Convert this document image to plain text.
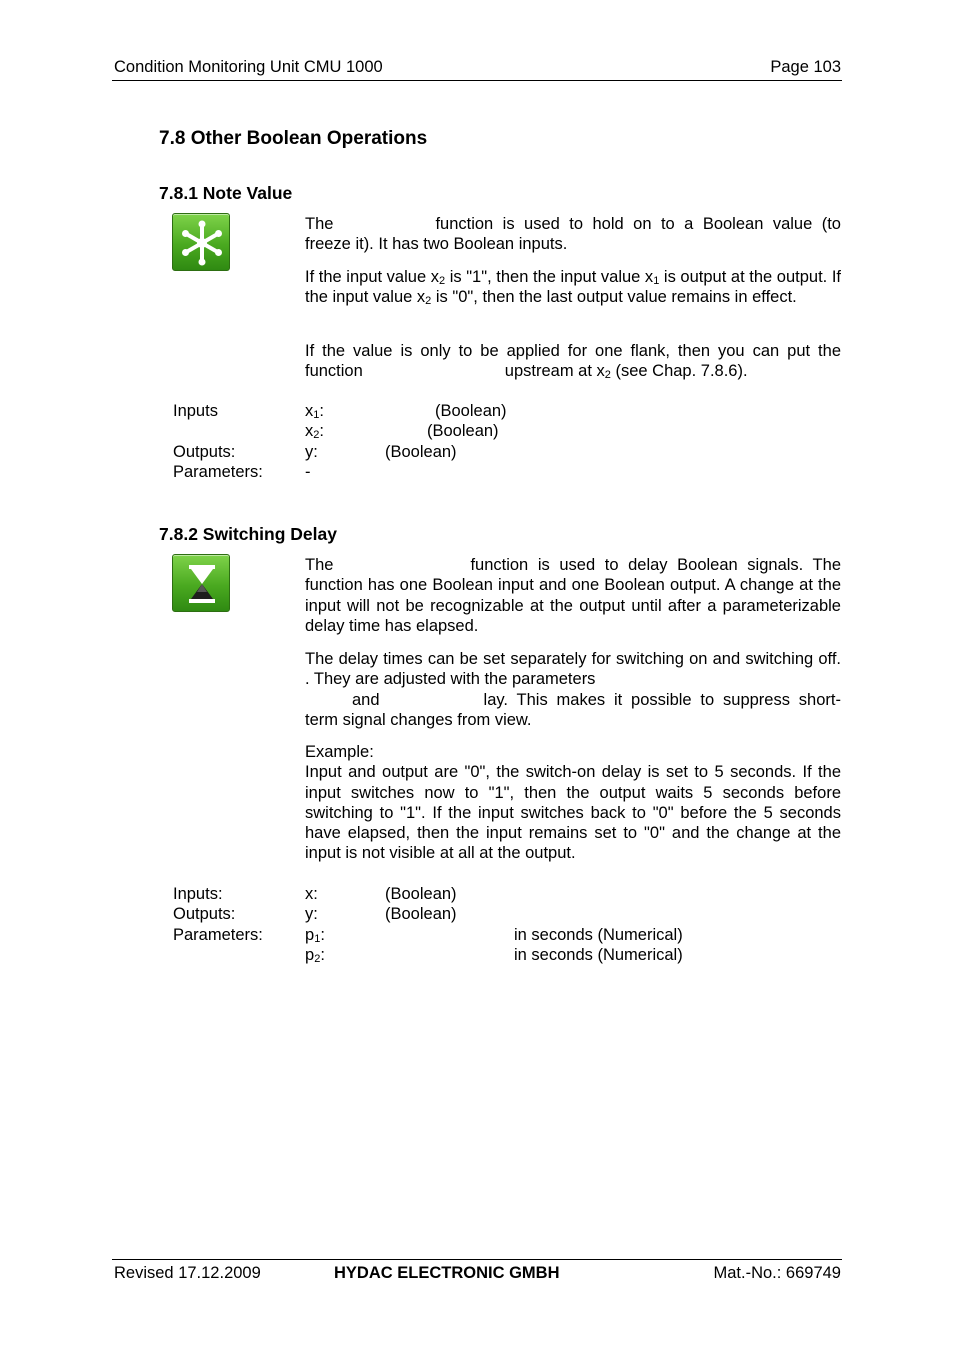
Condition Monitoring Unit CMU 1000	Page 103
7.8 Other Boolean Operations
7.8.1 Note Value

The	function is used to hold on to a Boolean value (to freeze it). It has two Boolean inputs.

If the input value $x_2$ is "1", then the input value $x_1$ is output at the output. If the input value $x_2$ is "0", then the last output value remains in effect.

If the value is only to be applied for one flank, then you can put the function	upstream at $x_2$ (see Chap. 7.8.6).

Inputs	$x_1$:	(Boolean)
$x_2$:	(Boolean)
Outputs:	y:	(Boolean)
Parameters:	-
7.8.2 Switching Delay

The	function is used to delay Boolean signals. The function has one Boolean input and one Boolean output. A change at the input will not be recognizable at the output until after a parameterizable delay time has elapsed.

The delay times can be set separately for switching on and switching off. . They are adjusted with the parameters
and	lay. This makes it possible to suppress short-term signal changes from view.

Example:
Input and output are "0", the switch-on delay is set to 5 seconds. If the input switches now to "1", then the output waits 5 seconds before switching to "1". If the input switches back to "0" before the 5 seconds have elapsed, then the input remains set to "0" and the change at the input is not visible at all at the output.

Inputs:	x:	(Boolean)
Outputs:	y:	(Boolean)
Parameters:	$p_1$:	in seconds (Numerical)
$p_2$:	in seconds (Numerical)
Revised 17.12.2009	HYDAC ELECTRONIC GMBH	Mat.-No.: 669749
